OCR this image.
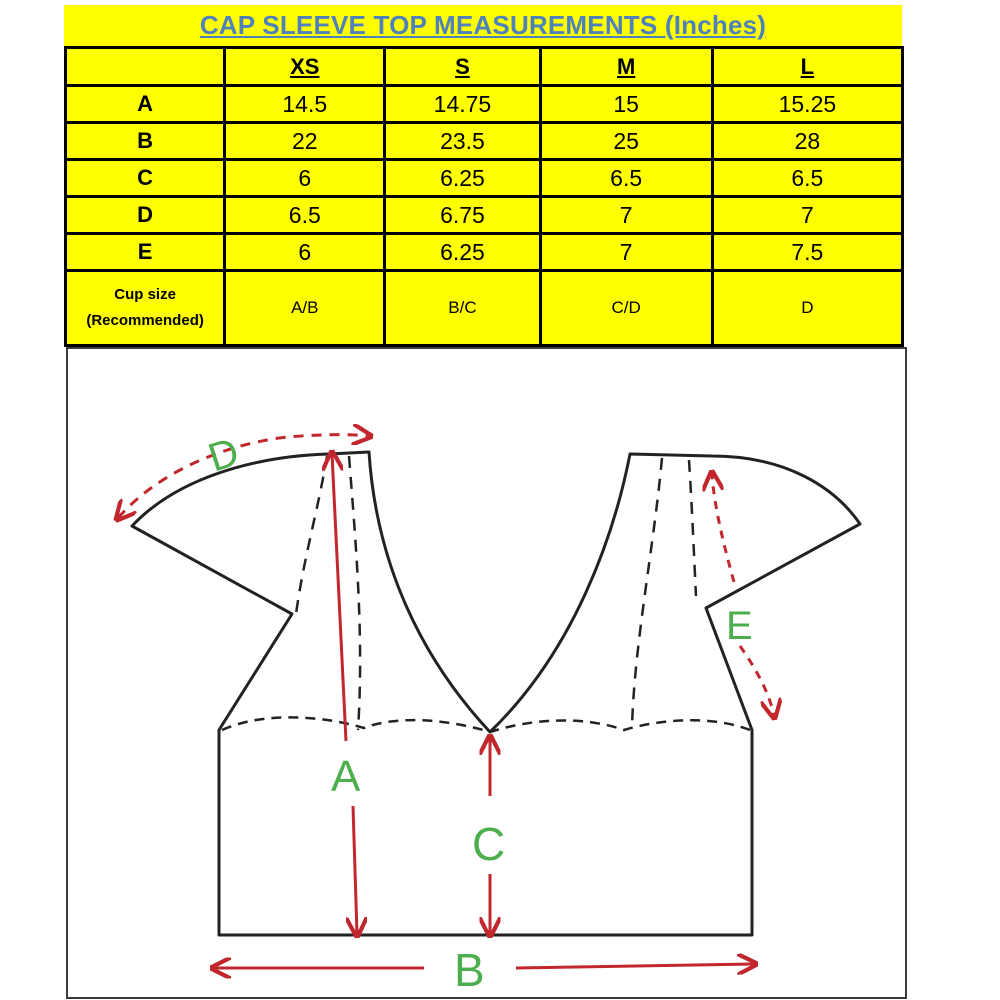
CAP SLEEVE TOP MEASUREMENTS (Inches)
	XS	S	M	L
A	14.5	14.75	15	15.25
B	22	23.5	25	28
C	6	6.25	6.5	6.5
D	6.5	6.75	7	7
E	6	6.25	7	7.5

Cup size
(Recommended)	A/B	B/C	C/D	D
D
A
C
B
E
